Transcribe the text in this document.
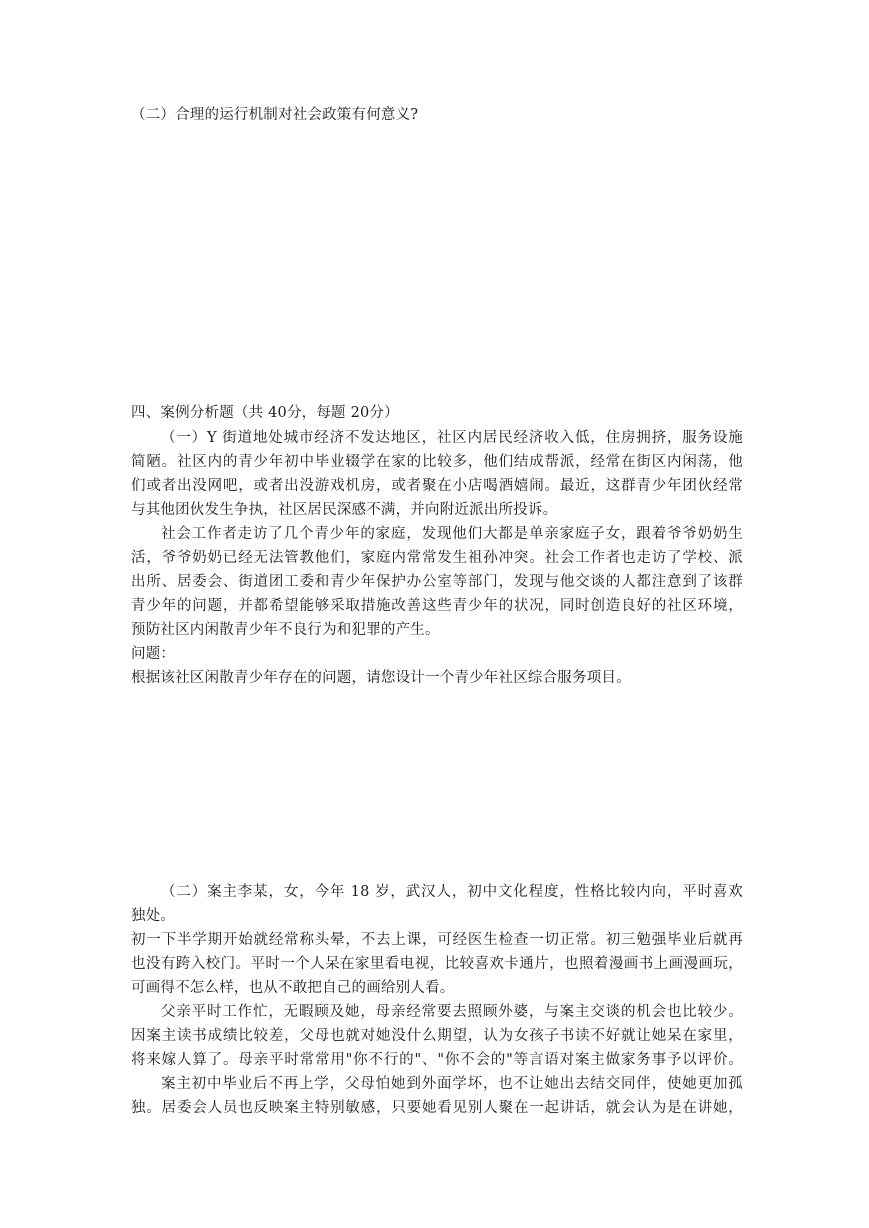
（二）合理的运行机制对社会政策有何意义?
四、案例分析题（共 40分，每题 20分）
（一）Y 街道地处城市经济不发达地区，社区内居民经济收入低，住房拥挤，服务设施
简陋。社区内的青少年初中毕业辍学在家的比较多，他们结成帮派，经常在街区内闲荡，他
们或者出没网吧，或者出没游戏机房，或者聚在小店喝酒嬉闹。最近，这群青少年团伙经常
与其他团伙发生争执，社区居民深感不满，并向附近派出所投诉。
社会工作者走访了几个青少年的家庭，发现他们大都是单亲家庭子女，跟着爷爷奶奶生
活，爷爷奶奶已经无法管教他们，家庭内常常发生祖孙冲突。社会工作者也走访了学校、派
出所、居委会、街道团工委和青少年保护办公室等部门，发现与他交谈的人都注意到了该群
青少年的问题，并都希望能够采取措施改善这些青少年的状况，同时创造良好的社区环境，
预防社区内闲散青少年不良行为和犯罪的产生。
问题：
根据该社区闲散青少年存在的问题，请您设计一个青少年社区综合服务项目。
（二）案主李某，女，今年 18 岁，武汉人，初中文化程度，性格比较内向，平时喜欢
独处。
初一下半学期开始就经常称头晕，不去上课，可经医生检查一切正常。初三勉强毕业后就再
也没有跨入校门。平时一个人呆在家里看电视，比较喜欢卡通片，也照着漫画书上画漫画玩，
可画得不怎么样，也从不敢把自己的画给别人看。
父亲平时工作忙，无暇顾及她，母亲经常要去照顾外婆，与案主交谈的机会也比较少。
因案主读书成绩比较差，父母也就对她没什么期望，认为女孩子书读不好就让她呆在家里，
将来嫁人算了。母亲平时常常用"你不行的"、"你不会的"等言语对案主做家务事予以评价。
案主初中毕业后不再上学，父母怕她到外面学坏，也不让她出去结交同伴，使她更加孤
独。居委会人员也反映案主特别敏感，只要她看见别人聚在一起讲话，就会认为是在讲她，
